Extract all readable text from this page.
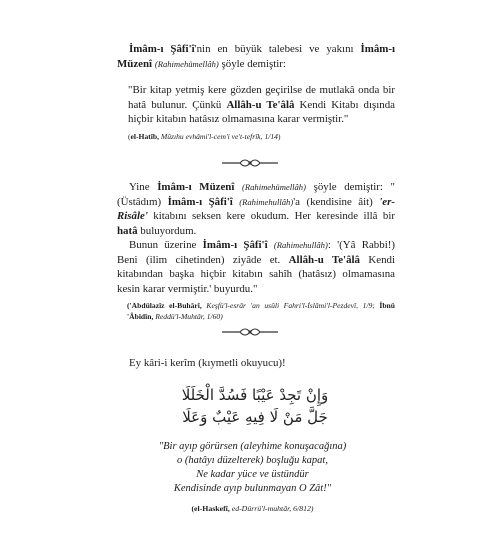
İmâm-ı Şâfi'î'nin en büyük talebesi ve yakını İmâm-ı Müzenî (Rahimehümellâh) şöyle demiştir:

"Bir kitap yetmiş kere gözden geçirilse de mutlakâ onda bir hatâ bulunur. Çünkü Allâh-u Te'âlâ Kendi Kitabı dışında hiçbir kitabın hatâsız olmamasına karar vermiştir."

(el-Hatîb, Mûzıhu evhâmi'l-cem'i ve't-tefrîk, 1/14)

Yine İmâm-ı Müzenî (Rahimehümellâh) şöyle demiştir: "(Üstâdım) İmâm-ı Şâfi'î (Rahimehullâh)'a (kendisine âit) 'er-Risâle' kitabını seksen kere okudum. Her keresinde illâ bir hatâ buluyordum.

Bunun üzerine İmâm-ı Şâfi'î (Rahimehullâh): '(Yâ Rabbi!) Beni (ilim cihetinden) ziyâde et. Allâh-u Te'âlâ Kendi kitabından başka hiçbir kitabın sahîh (hatâsız) olmamasına kesin karar vermiştir.' buyurdu."

('Abdülazîz el-Buhârî, Keşfü'l-esrâr 'an usûli Fahri'l-İslâmi'l-Pezdevî, 1/9; İbnü 'Âbidîn, Reddü'l-Muhtâr, 1/60)

Ey kâri-i kerîm (kıymetli okuyucu)!

وَإِنْ تَجِدْ عَيْبًا فَسُدَّ الْخَلَلَا
جَلَّ مَنْ لَا فِيهِ عَيْبٌ وَعَلَا
"Bir ayıp görürsen (aleyhime konuşacağına)
o (hatâyı düzelterek) boşluğu kapat,
Ne kadar yüce ve üstündür
Kendisinde ayıp bulunmayan O Zât!"
(el-Haskefî, ed-Dürrü'l-muhtâr, 6/812)
